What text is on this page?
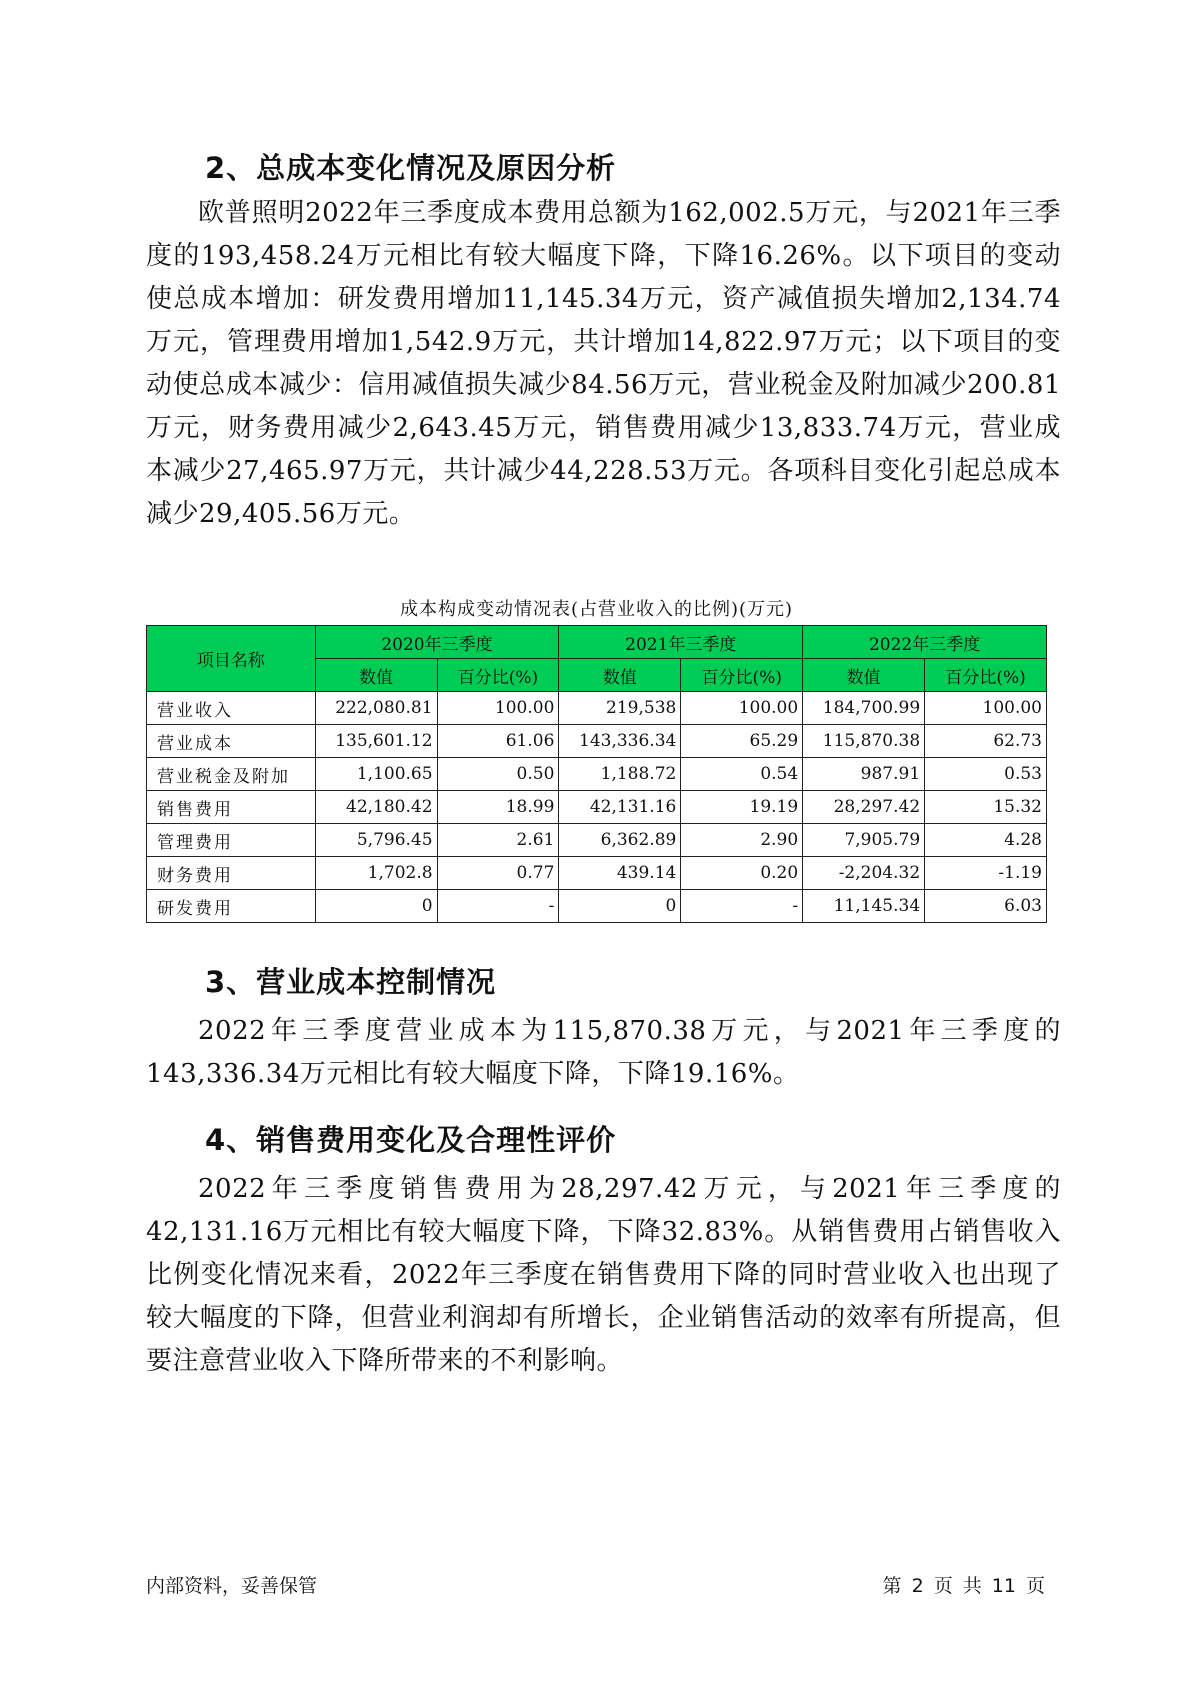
2、总成本变化情况及原因分析

欧普照明2022年三季度成本费用总额为162,002.5万元，与2021年三季度的193,458.24万元相比有较大幅度下降，下降16.26%。以下项目的变动使总成本增加：研发费用增加11,145.34万元，资产减值损失增加2,134.74万元，管理费用增加1,542.9万元，共计增加14,822.97万元；以下项目的变动使总成本减少：信用减值损失减少84.56万元，营业税金及附加减少200.81万元，财务费用减少2,643.45万元，销售费用减少13,833.74万元，营业成本减少27,465.97万元，共计减少44,228.53万元。各项科目变化引起总成本减少29,405.56万元。

成本构成变动情况表(占营业收入的比例)(万元)
项目名称	2020年三季度		2021年三季度		2022年三季度	
	数值	百分比(%)	数值	百分比(%)	数值	百分比(%)
营业收入	222,080.81	100.00	219,538	100.00	184,700.99	100.00
营业成本	135,601.12	61.06	143,336.34	65.29	115,870.38	62.73
营业税金及附加	1,100.65	0.50	1,188.72	0.54	987.91	0.53
销售费用	42,180.42	18.99	42,131.16	19.19	28,297.42	15.32
管理费用	5,796.45	2.61	6,362.89	2.90	7,905.79	4.28
财务费用	1,702.8	0.77	439.14	0.20	-2,204.32	-1.19
研发费用	0	-	0	-	11,145.34	6.03
3、营业成本控制情况

2022年三季度营业成本为115,870.38万元，与2021年三季度的143,336.34万元相比有较大幅度下降，下降19.16%。

4、销售费用变化及合理性评价

2022年三季度销售费用为28,297.42万元，与2021年三季度的42,131.16万元相比有较大幅度下降，下降32.83%。从销售费用占销售收入比例变化情况来看，2022年三季度在销售费用下降的同时营业收入也出现了较大幅度的下降，但营业利润却有所增长，企业销售活动的效率有所提高，但要注意营业收入下降所带来的不利影响。

内部资料，妥善保管	第 2 页 共 11 页
